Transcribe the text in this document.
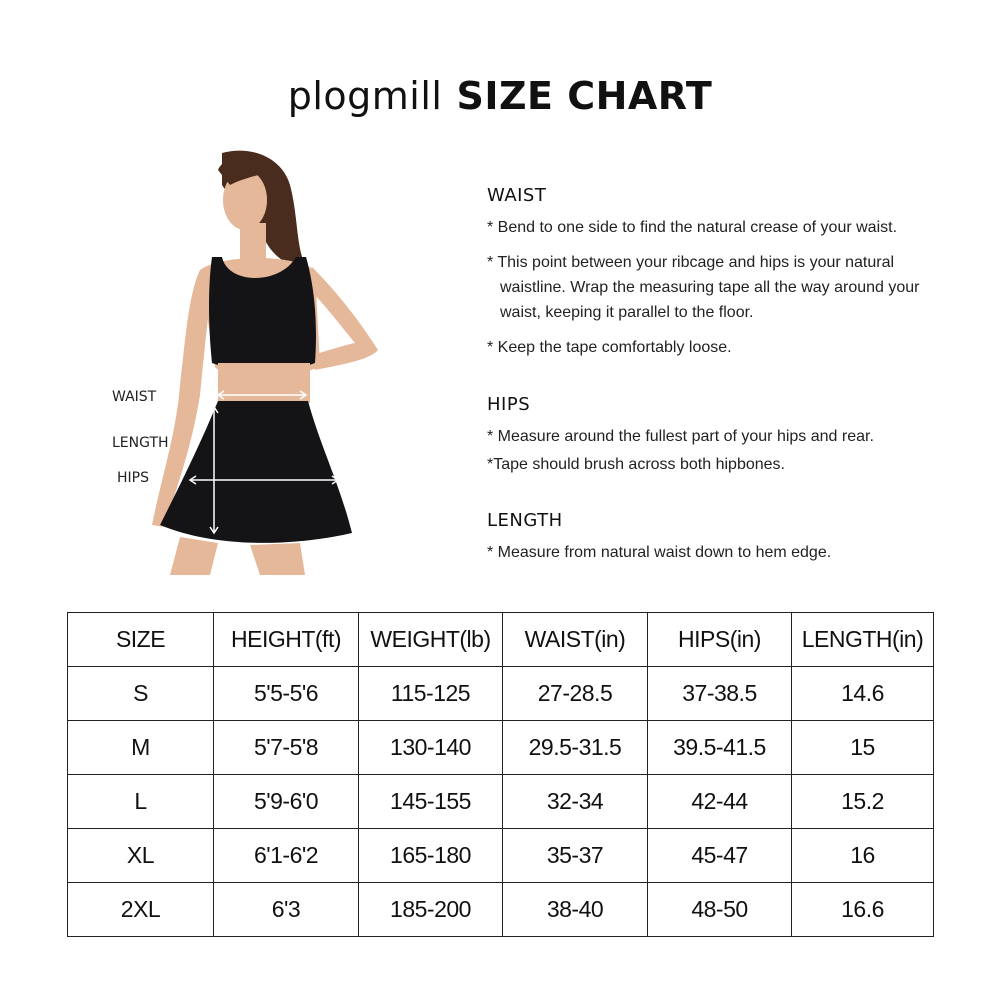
plogmill SIZE CHART
WAIST
LENGTH
HIPS
WAIST

* Bend to one side to find the natural crease of your waist.

* This point between your ribcage and hips is your natural waistline. Wrap the measuring tape all the way around your waist, keeping it parallel to the floor.

* Keep the tape comfortably loose.

HIPS

* Measure around the fullest part of your hips and rear.

*Tape should brush across both hipbones.

LENGTH

* Measure from natural waist down to hem edge.

SIZE	HEIGHT(ft)	WEIGHT(lb)	WAIST(in)	HIPS(in)	LENGTH(in)
S	5'5-5'6	115-125	27-28.5	37-38.5	14.6
M	5'7-5'8	130-140	29.5-31.5	39.5-41.5	15
L	5'9-6'0	145-155	32-34	42-44	15.2
XL	6'1-6'2	165-180	35-37	45-47	16
2XL	6'3	185-200	38-40	48-50	16.6
